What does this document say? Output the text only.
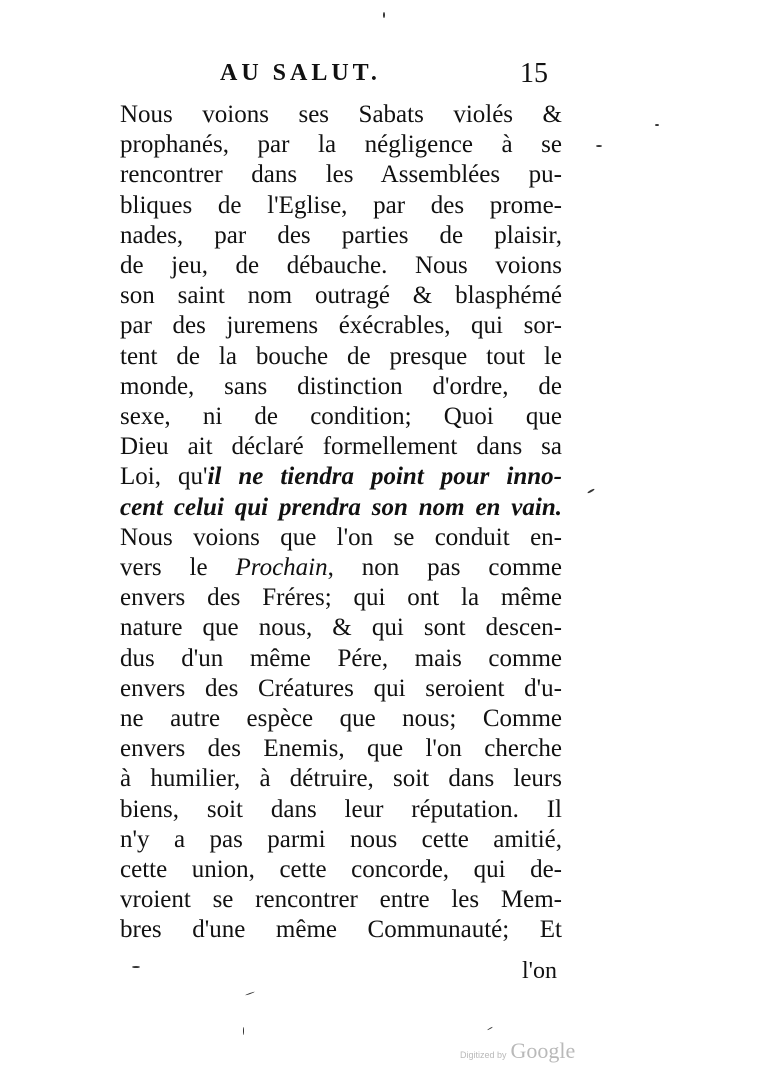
AU SALUT.	15
Nous voions ses Sabats violés &
prophanés, par la négligence à se
rencontrer dans les Assemblées pu-
bliques de l'Eglise, par des prome-
nades, par des parties de plaisir,
de jeu, de débauche. Nous voions
son saint nom outragé & blasphémé
par des juremens éxécrables, qui sor-
tent de la bouche de presque tout le
monde, sans distinction d'ordre, de
sexe, ni de condition; Quoi que
Dieu ait déclaré formellement dans sa
Loi, qu'il ne tiendra point pour inno-
cent celui qui prendra son nom en vain.
Nous voions que l'on se conduit en-
vers le Prochain, non pas comme
envers des Fréres; qui ont la même
nature que nous, & qui sont descen-
dus d'un même Pére, mais comme
envers des Créatures qui seroient d'u-
ne autre espèce que nous; Comme
envers des Enemis, que l'on cherche
à humilier, à détruire, soit dans leurs
biens, soit dans leur réputation. Il
n'y a pas parmi nous cette amitié,
cette union, cette concorde, qui de-
vroient se rencontrer entre les Mem-
bres d'une même Communauté; Et
l'on
Digitized by Google
